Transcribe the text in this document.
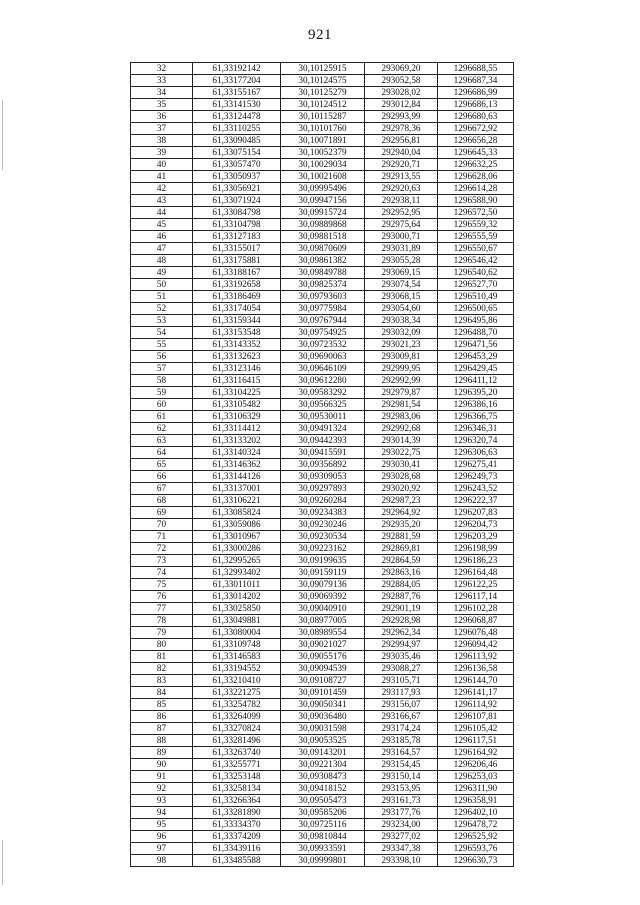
921
32	61,33192142	30,10125915	293069,20	1296688,55
33	61,33177204	30,10124575	293052,58	1296687,34
34	61,33155167	30,10125279	293028,02	1296686,99
35	61,33141530	30,10124512	293012,84	1296686,13
36	61,33124478	30,10115287	292993,99	1296680,63
37	61,33110255	30,10101760	292978,36	1296672,92
38	61,33090485	30,10071891	292956,81	1296656,28
39	61,33075154	30,10052379	292940,04	1296645,33
40	61,33057470	30,10029034	292920,71	1296632,25
41	61,33050937	30,10021608	292913,55	1296628,06
42	61,33056921	30,09995496	292920,63	1296614,28
43	61,33071924	30,09947156	292938,11	1296588,90
44	61,33084798	30,09915724	292952,95	1296572,50
45	61,33104798	30,09889868	292975,64	1296559,32
46	61,33127183	30,09881518	293000,71	1296555,59
47	61,33155017	30,09870609	293031,89	1296550,67
48	61,33175881	30,09861382	293055,28	1296546,42
49	61,33188167	30,09849788	293069,15	1296540,62
50	61,33192658	30,09825374	293074,54	1296527,70
51	61,33186469	30,09793603	293068,15	1296510,49
52	61,33174054	30,09775984	293054,60	1296500,65
53	61,33159344	30,09767944	293038,34	1296495,86
54	61,33153548	30,09754925	293032,09	1296488,70
55	61,33143352	30,09723532	293021,23	1296471,56
56	61,33132623	30,09690063	293009,81	1296453,29
57	61,33123146	30,09646109	292999,95	1296429,45
58	61,33116415	30,09612280	292992,99	1296411,12
59	61,33104225	30,09583292	292979,87	1296395,20
60	61,33105482	30,09566325	292981,54	1296386,16
61	61,33106329	30,09530011	292983,06	1296366,75
62	61,33114412	30,09491324	292992,68	1296346,31
63	61,33133202	30,09442393	293014,39	1296320,74
64	61,33140324	30,09415591	293022,75	1296306,63
65	61,33146362	30,09356892	293030,41	1296275,41
66	61,33144126	30,09309053	293028,68	1296249,73
67	61,33137001	30,09297893	293020,92	1296243,52
68	61,33106221	30,09260284	292987,23	1296222,37
69	61,33085824	30,09234383	292964,92	1296207,83
70	61,33059086	30,09230246	292935,20	1296204,73
71	61,33010967	30,09230534	292881,59	1296203,29
72	61,33000286	30,09223162	292869,81	1296198,99
73	61,32995265	30,09199635	292864,59	1296186,23
74	61,32993402	30,09159119	292863,16	1296164,48
75	61,33011011	30,09079136	292884,05	1296122,25
76	61,33014202	30,09069392	292887,76	1296117,14
77	61,33025850	30,09040910	292901,19	1296102,28
78	61,33049881	30,08977005	292928,98	1296068,87
79	61,33080004	30,08989554	292962,34	1296076,48
80	61,33109748	30,09021027	292994,97	1296094,42
81	61,33146583	30,09055176	293035,46	1296113,92
82	61,33194552	30,09094539	293088,27	1296136,58
83	61,33210410	30,09108727	293105,71	1296144,70
84	61,33221275	30,09101459	293117,93	1296141,17
85	61,33254782	30,09050341	293156,07	1296114,92
86	61,33264099	30,09036480	293166,67	1296107,81
87	61,33270824	30,09031598	293174,24	1296105,42
88	61,33281496	30,09053525	293185,78	1296117,51
89	61,33263740	30,09143201	293164,57	1296164,92
90	61,33255771	30,09221304	293154,45	1296206,46
91	61,33253148	30,09308473	293150,14	1296253,03
92	61,33258134	30,09418152	293153,95	1296311,90
93	61,33266364	30,09505473	293161,73	1296358,91
94	61,33281890	30,09585206	293177,76	1296402,10
95	61,33334370	30,09725116	293234,00	1296478,72
96	61,33374209	30,09810844	293277,02	1296525,92
97	61,33439116	30,09933591	293347,38	1296593,76
98	61,33485588	30,09999801	293398,10	1296630,73
